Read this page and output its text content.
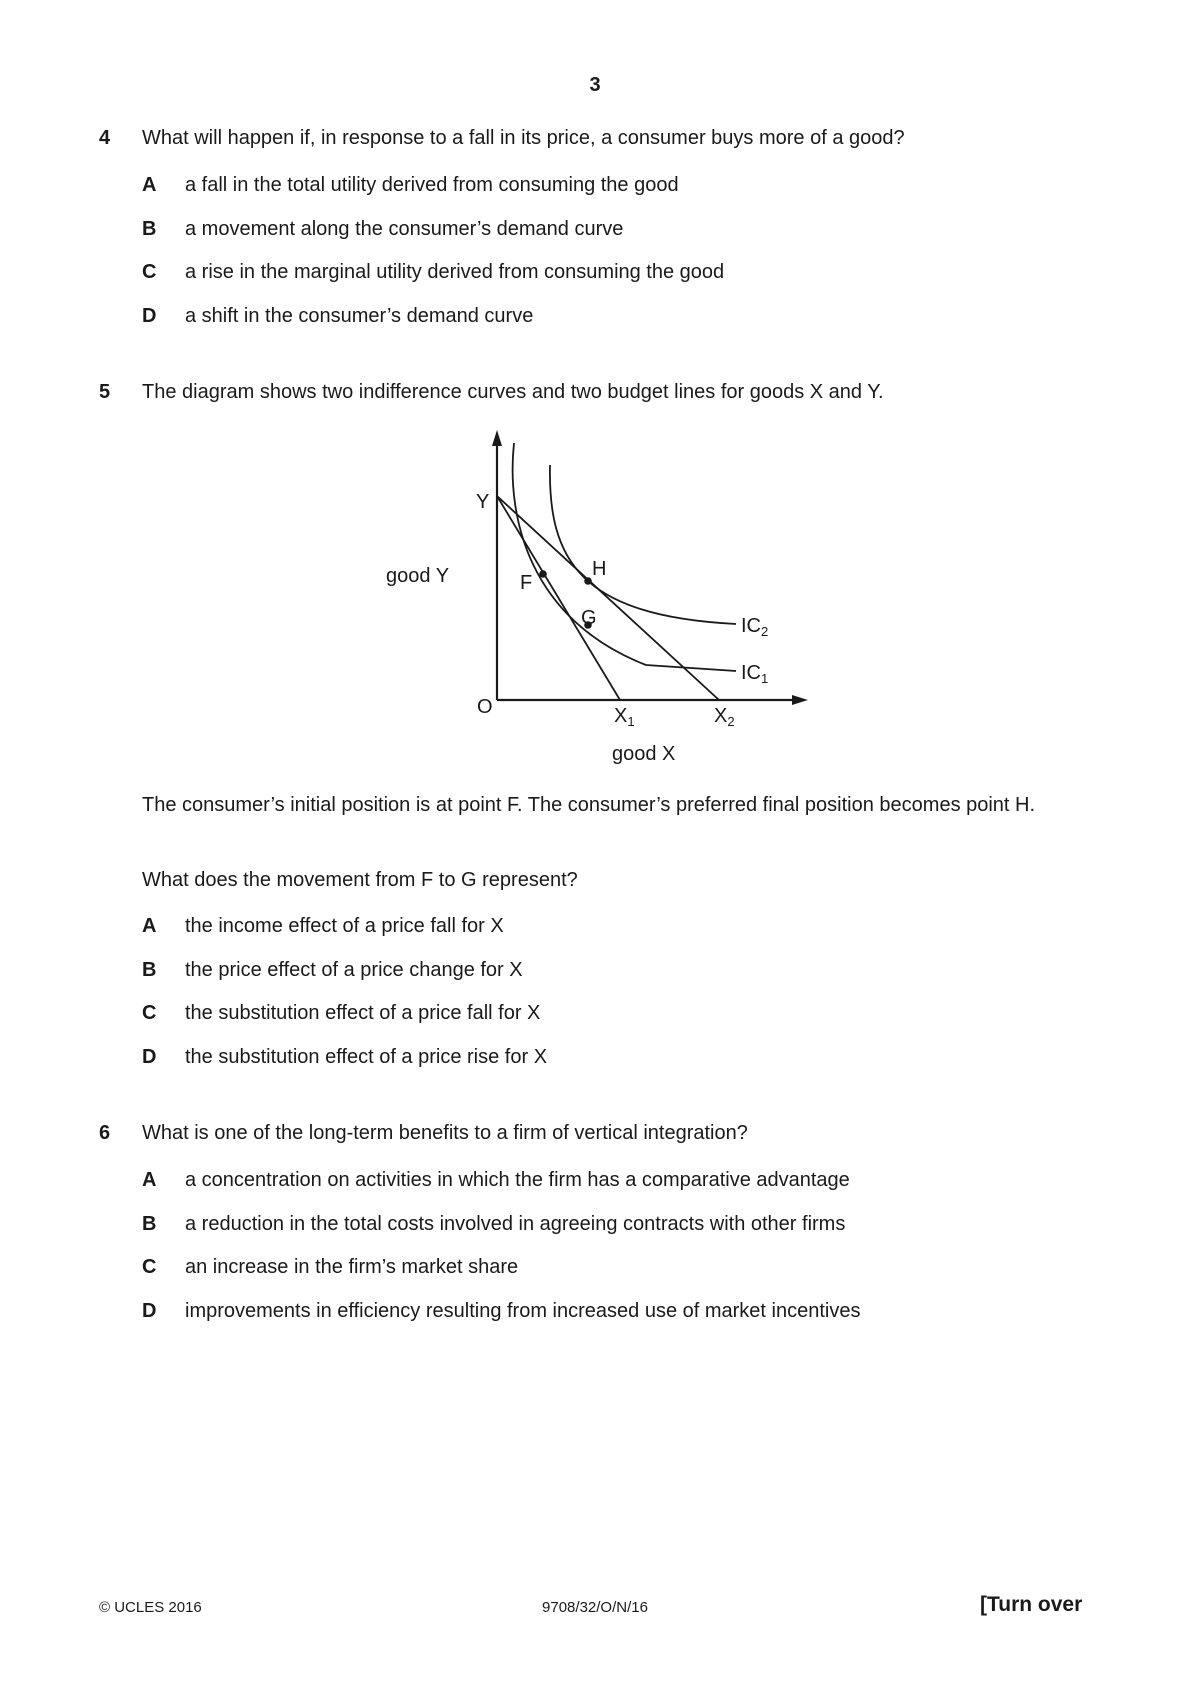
3
4 What will happen if, in response to a fall in its price, a consumer buys more of a good?
A a fall in the total utility derived from consuming the good
B a movement along the consumer’s demand curve
C a rise in the marginal utility derived from consuming the good
D a shift in the consumer’s demand curve
5 The diagram shows two indifference curves and two budget lines for goods X and Y.
good Y
good X
O
Y
F
G
H
$X_1$	$X_2$
$IC_2$
$IC_1$
The consumer’s initial position is at point F. The consumer’s preferred final position becomes point H.
What does the movement from F to G represent?
A the income effect of a price fall for X
B the price effect of a price change for X
C the substitution effect of a price fall for X
D the substitution effect of a price rise for X
6 What is one of the long-term benefits to a firm of vertical integration?
A a concentration on activities in which the firm has a comparative advantage
B a reduction in the total costs involved in agreeing contracts with other firms
C an increase in the firm’s market share
D improvements in efficiency resulting from increased use of market incentives
© UCLES 2016	9708/32/O/N/16	[Turn over
